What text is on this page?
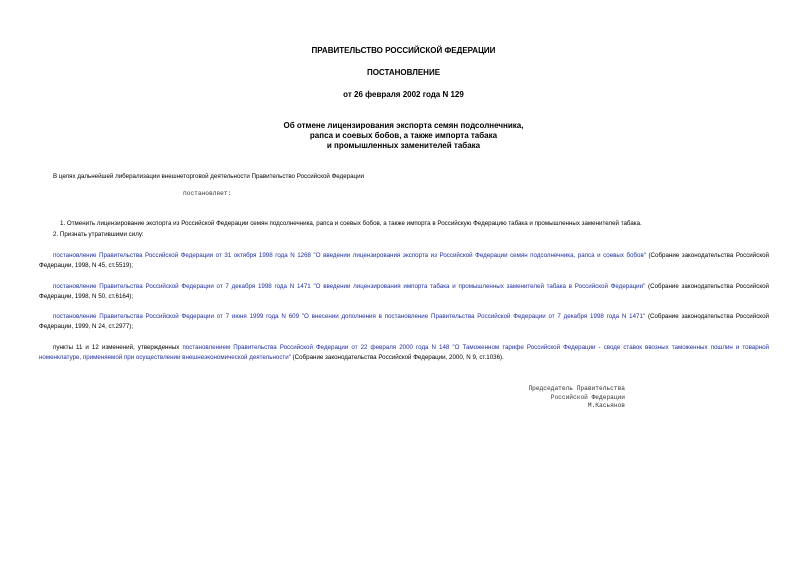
ПРАВИТЕЛЬСТВО РОССИЙСКОЙ ФЕДЕРАЦИИ
ПОСТАНОВЛЕНИЕ
от 26 февраля 2002 года N 129
Об отмене лицензирования экспорта семян подсолнечника,
рапса и соевых бобов, а также импорта табака
и промышленных заменителей табака
В целях дальнейшей либерализации внешнеторговой деятельности Правительство Российской Федерации
постановляет:
1. Отменить лицензирование экспорта из Российской Федерации семян подсолнечника, рапса и соевых бобов, а также импорта в Российскую Федерацию табака и промышленных заменителей табака.
2. Признать утратившими силу:
постановление Правительства Российской Федерации от 31 октября 1998 года N 1268 "О введении лицензирования экспорта из Российской Федерации семян подсолнечника, рапса и соевых бобов" (Собрание законодательства Российской Федерации, 1998, N 45, ст.5519);
постановление Правительства Российской Федерации от 7 декабря 1998 года N 1471 "О введении лицензирования импорта табака и промышленных заменителей табака в Российской Федерации" (Собрание законодательства Российской Федерации, 1998, N 50, ст.6164);
постановление Правительства Российской Федерации от 7 июня 1999 года N 609 "О внесении дополнения в постановление Правительства Российской Федерации от 7 декабря 1998 года N 1471" (Собрание законодательства Российской Федерации, 1999, N 24, ст.2977);
пункты 11 и 12 изменений, утвержденных постановлением Правительства Российской Федерации от 22 февраля 2000 года N 148 "О Таможенном тарифе Российской Федерации - своде ставок ввозных таможенных пошлин и товарной номенклатуре, применяемой при осуществлении внешнеэкономической деятельности" (Собрание законодательства Российской Федерации, 2000, N 9, ст.1036).
Председатель Правительства
Российской Федерации
М.Касьянов
